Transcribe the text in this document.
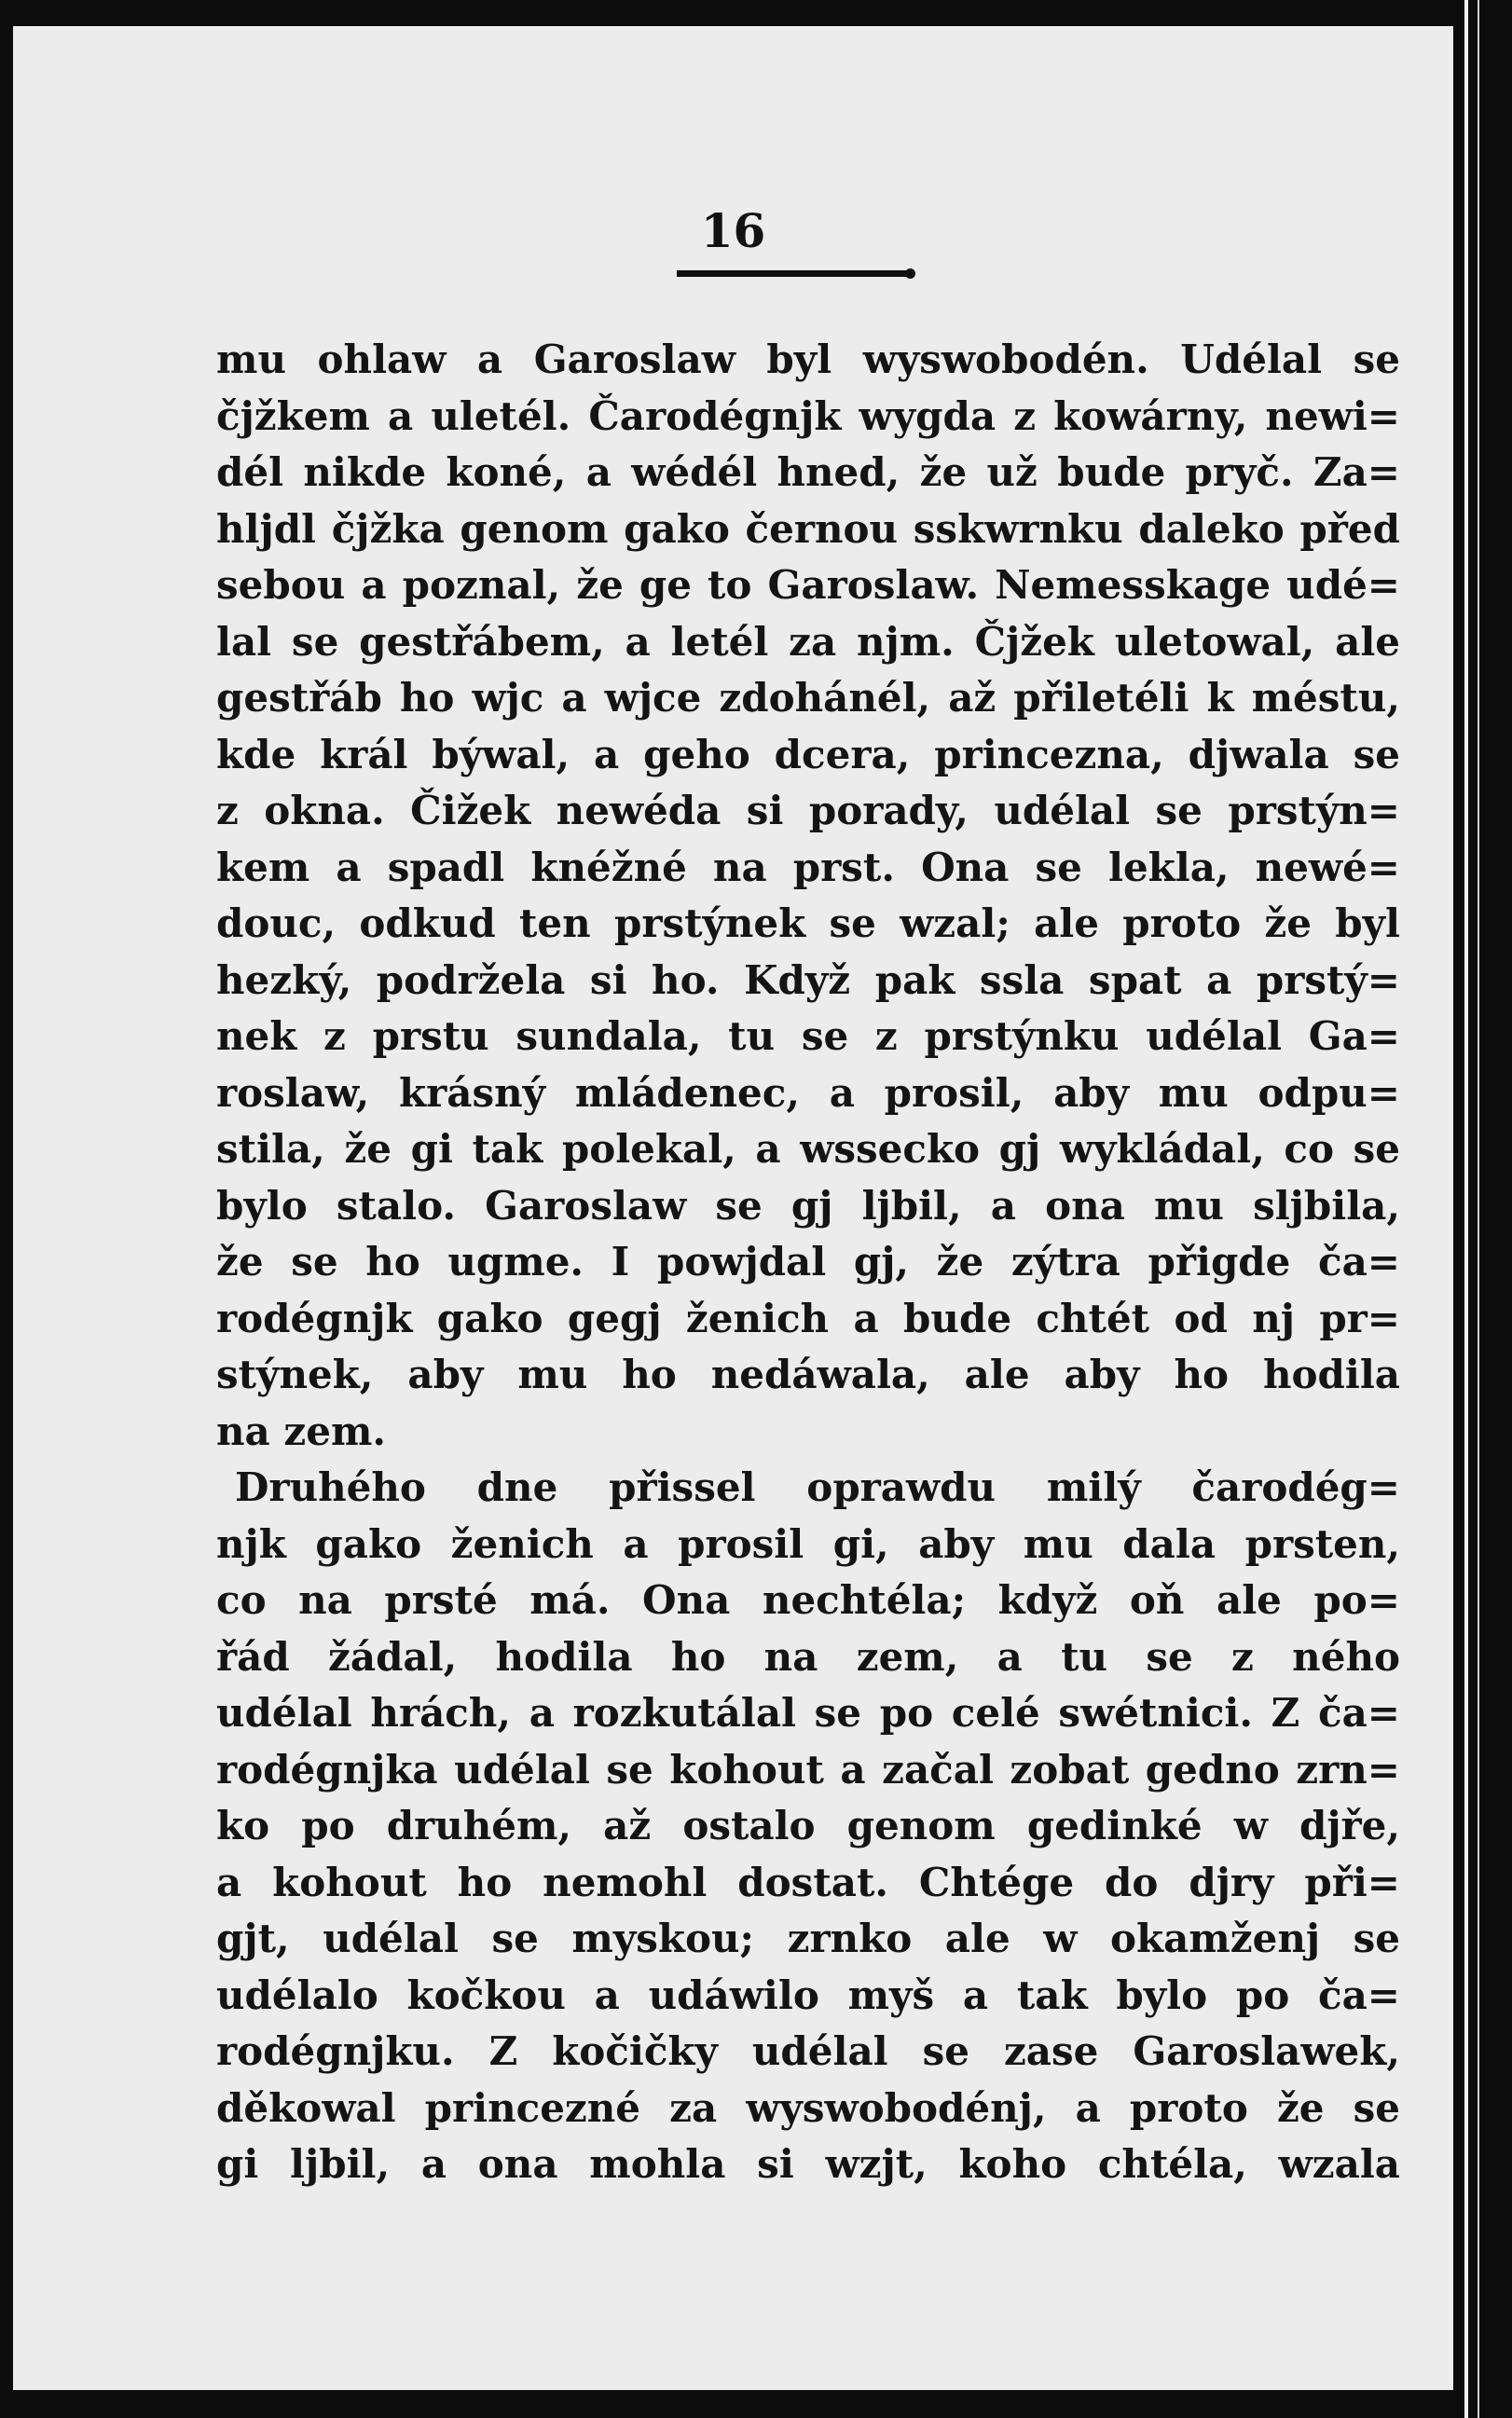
16
mu ohlaw a Garoslaw byl wyswobodén. Udélal se
čjžkem a uletél. Čarodégnjk wygda z kowárny, newi=
dél nikde koné, a wédél hned, že už bude pryč. Za=
hljdl čjžka genom gako černou sskwrnku daleko před
sebou a poznal, že ge to Garoslaw. Nemesskage udé=
lal se gestřábem, a letél za njm. Čjžek uletowal, ale
gestřáb ho wjc a wjce zdohánél, až přiletéli k méstu,
kde král býwal, a geho dcera, princezna, djwala se
z okna. Čižek newéda si porady, udélal se prstýn=
kem a spadl knéžné na prst. Ona se lekla, newé=
douc, odkud ten prstýnek se wzal; ale proto že byl
hezký, podržela si ho. Když pak ssla spat a prstý=
nek z prstu sundala, tu se z prstýnku udélal Ga=
roslaw, krásný mládenec, a prosil, aby mu odpu=
stila, že gi tak polekal, a wssecko gj wykládal, co se
bylo stalo. Garoslaw se gj ljbil, a ona mu sljbila,
že se ho ugme. I powjdal gj, že zýtra přigde ča=
rodégnjk gako gegj ženich a bude chtét od nj pr=
stýnek, aby mu ho nedáwala, ale aby ho hodila
na zem.
Druhého dne přissel oprawdu milý čarodég=
njk gako ženich a prosil gi, aby mu dala prsten,
co na prsté má. Ona nechtéla; když oň ale po=
řád žádal, hodila ho na zem, a tu se z ného
udélal hrách, a rozkutálal se po celé swétnici. Z ča=
rodégnjka udélal se kohout a začal zobat gedno zrn=
ko po druhém, až ostalo genom gedinké w djře,
a kohout ho nemohl dostat. Chtége do djry při=
gjt, udélal se myskou; zrnko ale w okamženj se
udélalo kočkou a udáwilo myš a tak bylo po ča=
rodégnjku. Z kočičky udélal se zase Garoslawek,
děkowal princezné za wyswobodénj, a proto že se
gi ljbil, a ona mohla si wzjt, koho chtéla, wzala
